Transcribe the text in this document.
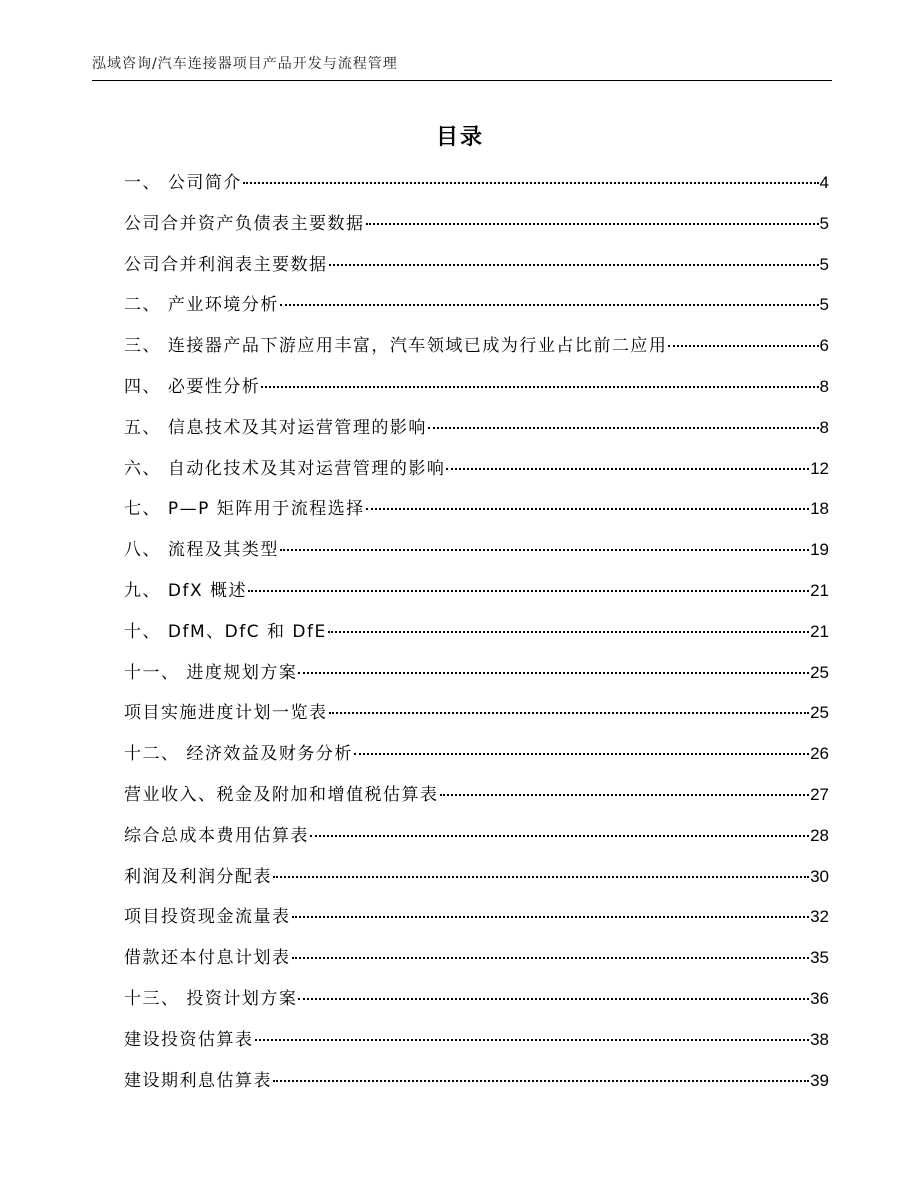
泓域咨询/汽车连接器项目产品开发与流程管理
目录
一、 公司简介	4
公司合并资产负债表主要数据	5
公司合并利润表主要数据	5
二、 产业环境分析	5
三、 连接器产品下游应用丰富，汽车领域已成为行业占比前二应用	6
四、 必要性分析	8
五、 信息技术及其对运营管理的影响	8
六、 自动化技术及其对运营管理的影响	12
七、 P—P 矩阵用于流程选择	18
八、 流程及其类型	19
九、 DfX 概述	21
十、 DfM、DfC 和 DfE	21
十一、 进度规划方案	25
项目实施进度计划一览表	25
十二、 经济效益及财务分析	26
营业收入、税金及附加和增值税估算表	27
综合总成本费用估算表	28
利润及利润分配表	30
项目投资现金流量表	32
借款还本付息计划表	35
十三、 投资计划方案	36
建设投资估算表	38
建设期利息估算表	39
